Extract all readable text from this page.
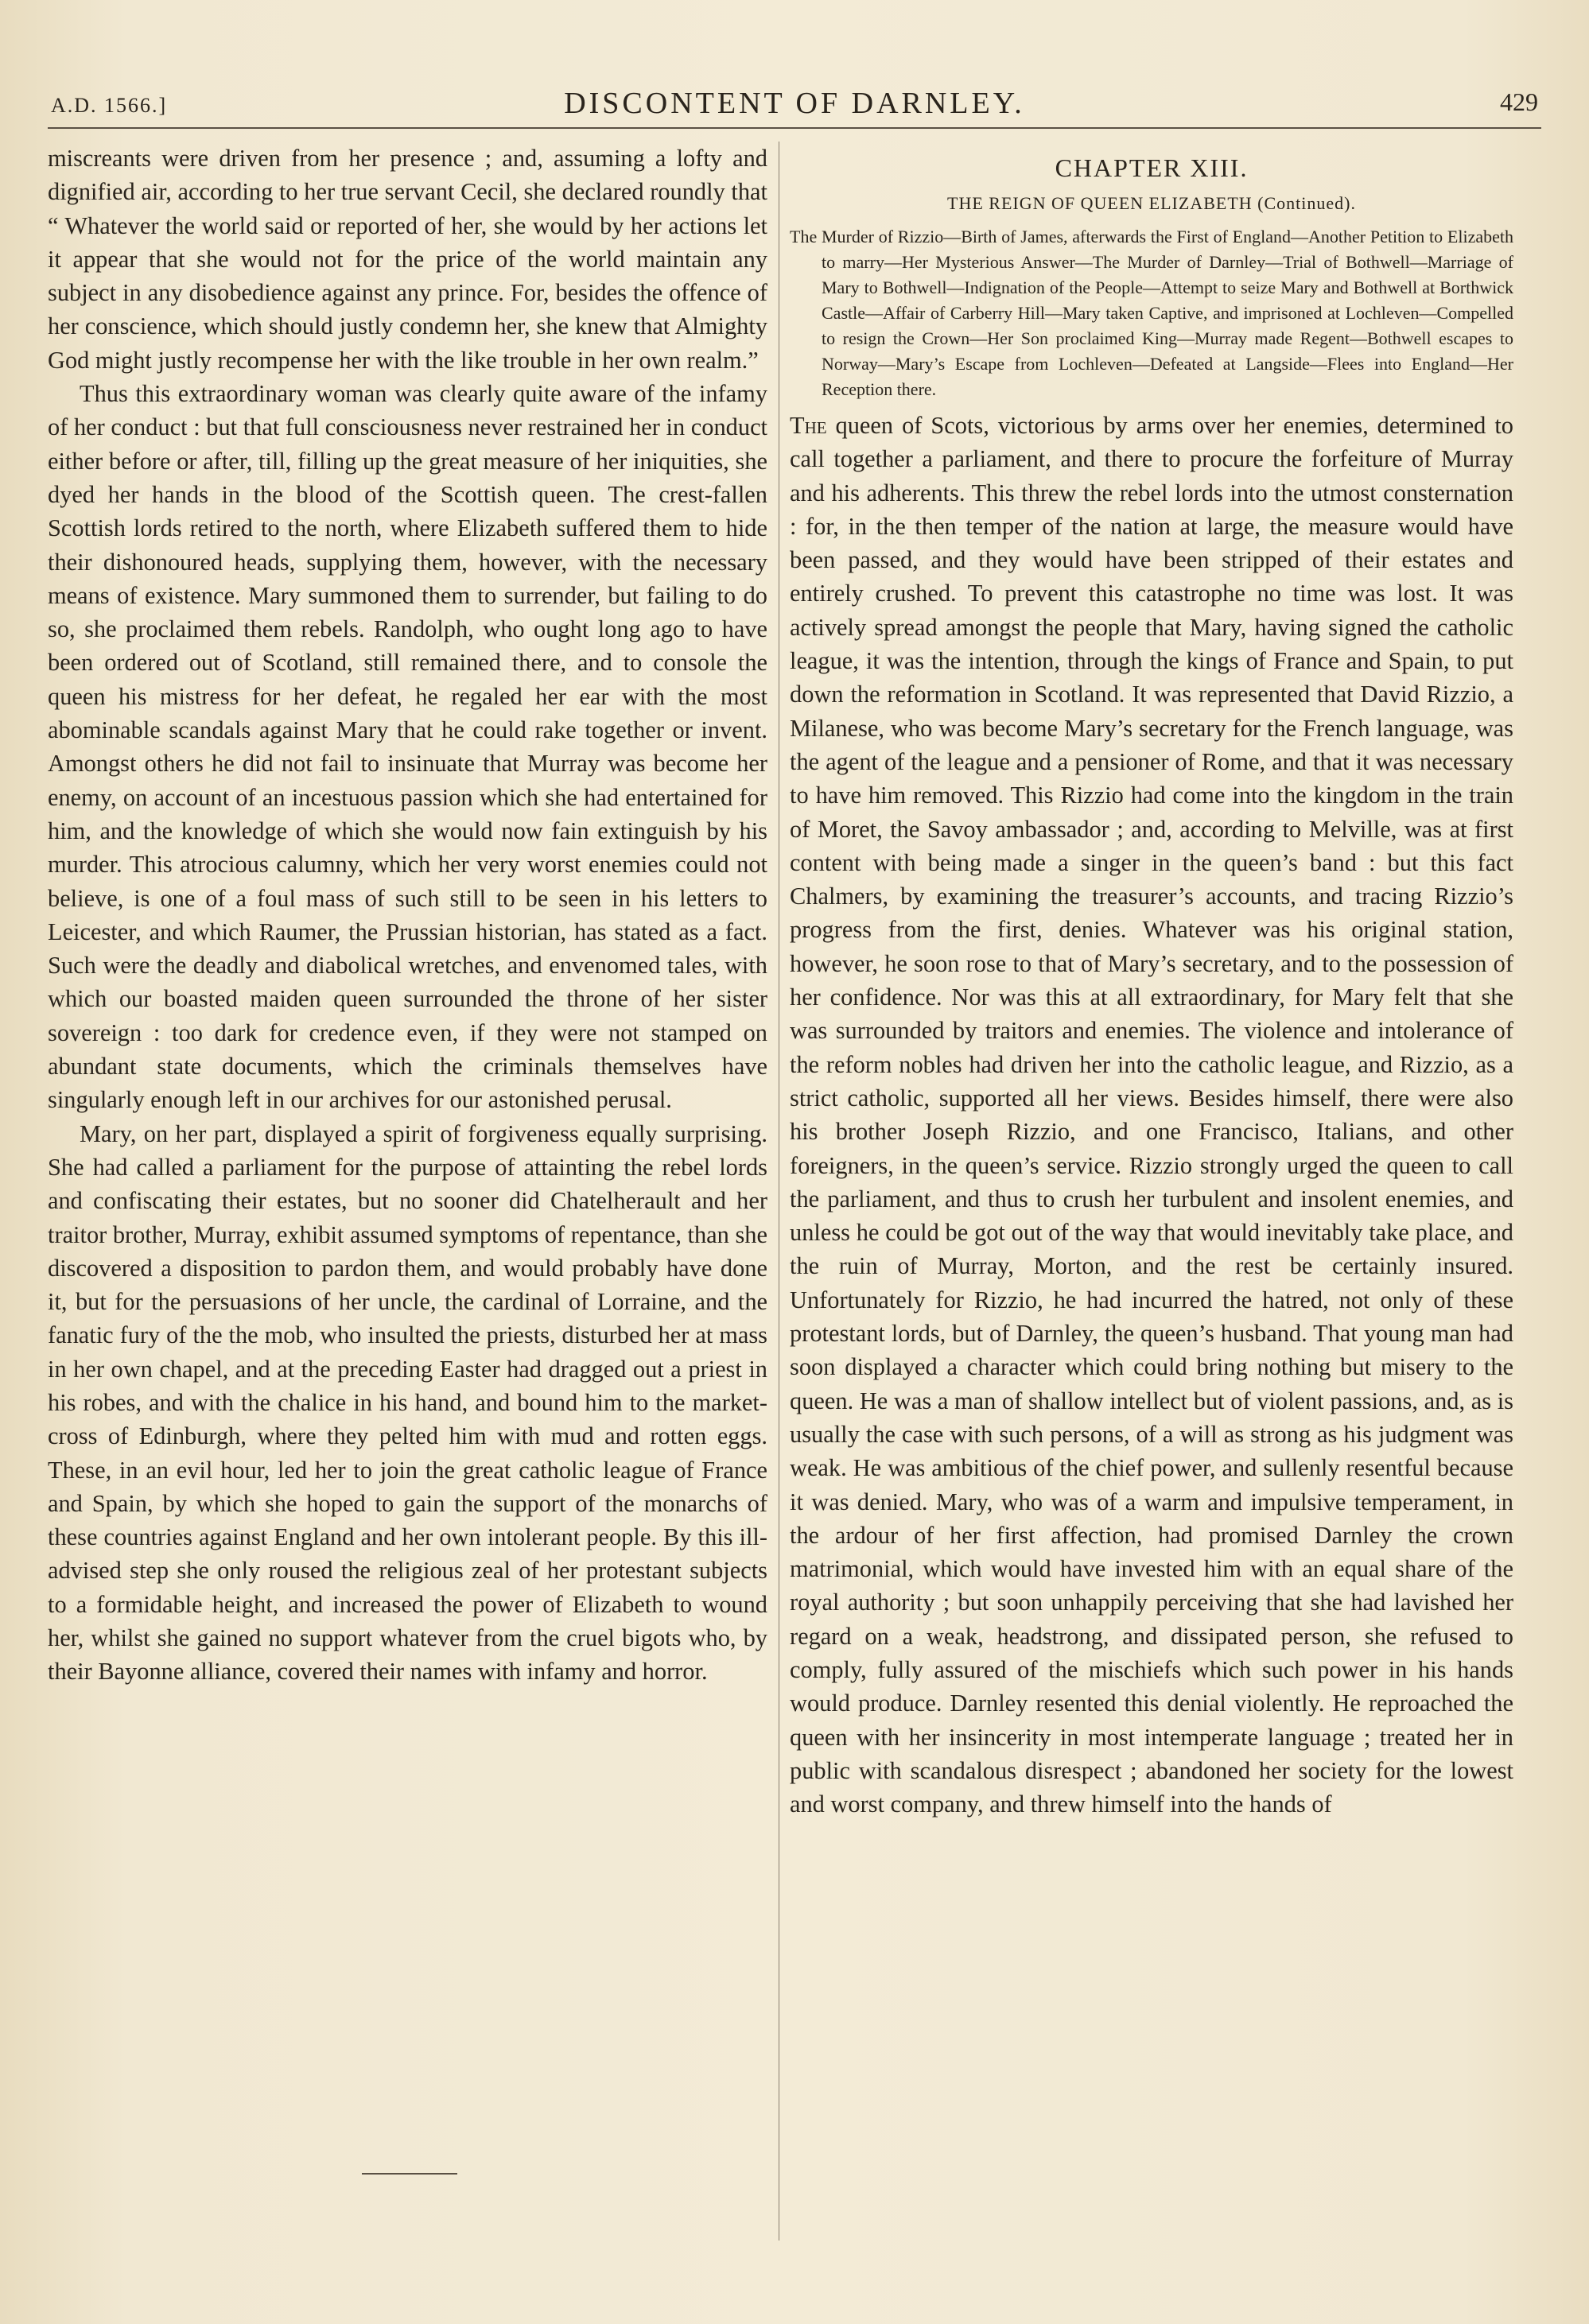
A.D. 1566.]	DISCONTENT OF DARNLEY.	429

miscreants were driven from her presence ; and, assuming a lofty and dignified air, according to her true servant Cecil, she declared roundly that “ Whatever the world said or reported of her, she would by her actions let it appear that she would not for the price of the world maintain any subject in any disobedience against any prince. For, besides the offence of her conscience, which should justly condemn her, she knew that Almighty God might justly recompense her with the like trouble in her own realm.”

Thus this extraordinary woman was clearly quite aware of the infamy of her conduct : but that full consciousness never restrained her in conduct either before or after, till, filling up the great measure of her iniquities, she dyed her hands in the blood of the Scottish queen. The crest-fallen Scottish lords retired to the north, where Elizabeth suffered them to hide their dishonoured heads, supplying them, however, with the necessary means of existence. Mary summoned them to surrender, but failing to do so, she proclaimed them rebels. Randolph, who ought long ago to have been ordered out of Scotland, still remained there, and to console the queen his mistress for her defeat, he regaled her ear with the most abominable scandals against Mary that he could rake together or invent. Amongst others he did not fail to insinuate that Murray was become her enemy, on account of an incestuous passion which she had entertained for him, and the knowledge of which she would now fain extinguish by his murder. This atrocious calumny, which her very worst enemies could not believe, is one of a foul mass of such still to be seen in his letters to Leicester, and which Raumer, the Prussian historian, has stated as a fact. Such were the deadly and diabolical wretches, and envenomed tales, with which our boasted maiden queen surrounded the throne of her sister sovereign : too dark for credence even, if they were not stamped on abundant state documents, which the criminals themselves have singularly enough left in our archives for our astonished perusal.

Mary, on her part, displayed a spirit of forgiveness equally surprising. She had called a parliament for the purpose of attainting the rebel lords and confiscating their estates, but no sooner did Chatelherault and her traitor brother, Murray, exhibit assumed symptoms of repentance, than she discovered a disposition to pardon them, and would probably have done it, but for the persuasions of her uncle, the cardinal of Lorraine, and the fanatic fury of the the mob, who insulted the priests, disturbed her at mass in her own chapel, and at the preceding Easter had dragged out a priest in his robes, and with the chalice in his hand, and bound him to the market-cross of Edinburgh, where they pelted him with mud and rotten eggs. These, in an evil hour, led her to join the great catholic league of France and Spain, by which she hoped to gain the support of the monarchs of these countries against England and her own intolerant people. By this ill-advised step she only roused the religious zeal of her protestant subjects to a formidable height, and increased the power of Elizabeth to wound her, whilst she gained no support whatever from the cruel bigots who, by their Bayonne alliance, covered their names with infamy and horror.

CHAPTER XIII.
THE REIGN OF QUEEN ELIZABETH (Continued).
The Murder of Rizzio—Birth of James, afterwards the First of England—Another Petition to Elizabeth to marry—Her Mysterious Answer—The Murder of Darnley—Trial of Bothwell—Marriage of Mary to Bothwell—Indignation of the People—Attempt to seize Mary and Bothwell at Borthwick Castle—Affair of Carberry Hill—Mary taken Captive, and imprisoned at Lochleven—Compelled to resign the Crown—Her Son proclaimed King—Murray made Regent—Bothwell escapes to Norway—Mary’s Escape from Lochleven—Defeated at Langside—Flees into England—Her Reception there.

The queen of Scots, victorious by arms over her enemies, determined to call together a parliament, and there to procure the forfeiture of Murray and his adherents. This threw the rebel lords into the utmost consternation : for, in the then temper of the nation at large, the measure would have been passed, and they would have been stripped of their estates and entirely crushed. To prevent this catastrophe no time was lost. It was actively spread amongst the people that Mary, having signed the catholic league, it was the intention, through the kings of France and Spain, to put down the reformation in Scotland. It was represented that David Rizzio, a Milanese, who was become Mary’s secretary for the French language, was the agent of the league and a pensioner of Rome, and that it was necessary to have him removed. This Rizzio had come into the kingdom in the train of Moret, the Savoy ambassador ; and, according to Melville, was at first content with being made a singer in the queen’s band : but this fact Chalmers, by examining the treasurer’s accounts, and tracing Rizzio’s progress from the first, denies. Whatever was his original station, however, he soon rose to that of Mary’s secretary, and to the possession of her confidence. Nor was this at all extraordinary, for Mary felt that she was surrounded by traitors and enemies. The violence and intolerance of the reform nobles had driven her into the catholic league, and Rizzio, as a strict catholic, supported all her views. Besides himself, there were also his brother Joseph Rizzio, and one Francisco, Italians, and other foreigners, in the queen’s service. Rizzio strongly urged the queen to call the parliament, and thus to crush her turbulent and insolent enemies, and unless he could be got out of the way that would inevitably take place, and the ruin of Murray, Morton, and the rest be certainly insured. Unfortunately for Rizzio, he had incurred the hatred, not only of these protestant lords, but of Darnley, the queen’s husband. That young man had soon displayed a character which could bring nothing but misery to the queen. He was a man of shallow intellect but of violent passions, and, as is usually the case with such persons, of a will as strong as his judgment was weak. He was ambitious of the chief power, and sullenly resentful because it was denied. Mary, who was of a warm and impulsive temperament, in the ardour of her first affection, had promised Darnley the crown matrimonial, which would have invested him with an equal share of the royal authority ; but soon unhappily perceiving that she had lavished her regard on a weak, headstrong, and dissipated person, she refused to comply, fully assured of the mischiefs which such power in his hands would produce. Darnley resented this denial violently. He reproached the queen with her insincerity in most intemperate language ; treated her in public with scandalous disrespect ; abandoned her society for the lowest and worst company, and threw himself into the hands of
